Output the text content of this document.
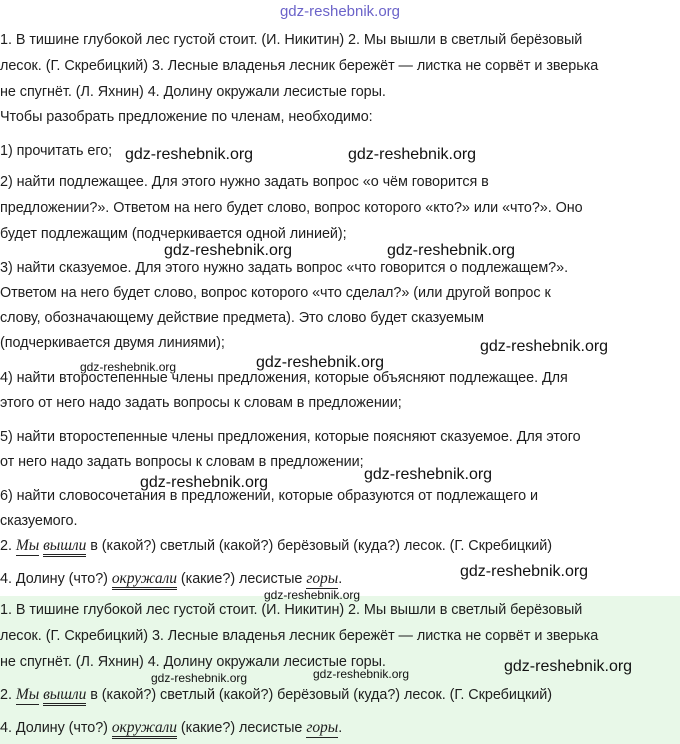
gdz-reshebnik.org
1. В тишине глубокой лес густой стоит. (И. Никитин) 2. Мы вышли в светлый берёзовый
лесок. (Г. Скребицкий) 3. Лесные владенья лесник бережёт — листка не сорвёт и зверька
не спугнёт. (Л. Яхнин) 4. Долину окружали лесистые горы.
Чтобы разобрать предложение по членам, необходимо:
1) прочитать его;
2) найти подлежащее. Для этого нужно задать вопрос «о чём говорится в
предложении?». Ответом на него будет слово, вопрос которого «кто?» или «что?». Оно
будет подлежащим (подчеркивается одной линией);
3) найти сказуемое. Для этого нужно задать вопрос «что говорится о подлежащем?».
Ответом на него будет слово, вопрос которого «что сделал?» (или другой вопрос к
слову, обозначающему действие предмета). Это слово будет сказуемым
(подчеркивается двумя линиями);
4) найти второстепенные члены предложения, которые объясняют подлежащее. Для
этого от него надо задать вопросы к словам в предложении;
5) найти второстепенные члены предложения, которые поясняют сказуемое. Для этого
от него надо задать вопросы к словам в предложении;
6) найти словосочетания в предложении, которые образуются от подлежащего и
сказуемого.
2. Мы вышли в (какой?) светлый (какой?) берёзовый (куда?) лесок. (Г. Скребицкий)
4. Долину (что?) окружали (какие?) лесистые горы.
1. В тишине глубокой лес густой стоит. (И. Никитин) 2. Мы вышли в светлый берёзовый
лесок. (Г. Скребицкий) 3. Лесные владенья лесник бережёт — листка не сорвёт и зверька
не спугнёт. (Л. Яхнин) 4. Долину окружали лесистые горы.
2. Мы вышли в (какой?) светлый (какой?) берёзовый (куда?) лесок. (Г. Скребицкий)
4. Долину (что?) окружали (какие?) лесистые горы.
gdz-reshebnik.org	gdz-reshebnik.org
gdz-reshebnik.org	gdz-reshebnik.org
gdz-reshebnik.org
gdz-reshebnik.org
gdz-reshebnik.org
gdz-reshebnik.org
gdz-reshebnik.org
gdz-reshebnik.org
gdz-reshebnik.org
gdz-reshebnik.org
gdz-reshebnik.org	gdz-reshebnik.org
